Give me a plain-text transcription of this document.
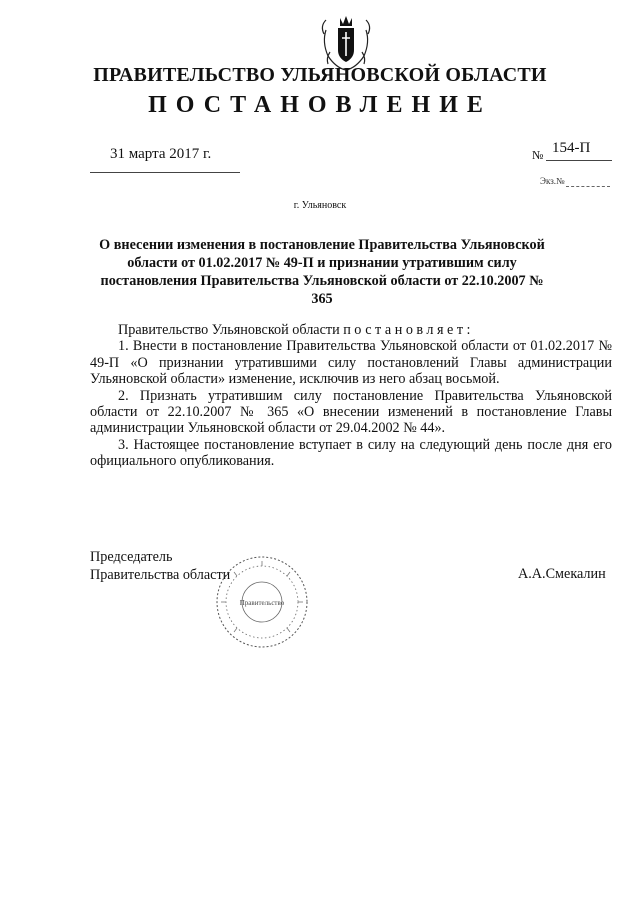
ПРАВИТЕЛЬСТВО УЛЬЯНОВСКОЙ ОБЛАСТИ
ПОСТАНОВЛЕНИЕ
31 марта 2017 г.	№ 154-П
Экз.№
г. Ульяновск
О внесении изменения в постановление Правительства Ульяновской
области от 01.02.2017 № 49-П и признании утратившим силу
постановления Правительства Ульяновской области от 22.10.2007 № 365

Правительство Ульяновской области постановляет:

1. Внести в постановление Правительства Ульяновской области от 01.02.2017 № 49-П «О признании утратившими силу постановлений Главы администрации Ульяновской области» изменение, исключив из него абзац восьмой.

2. Признать утратившим силу постановление Правительства Ульяновской области от 22.10.2007 № 365 «О внесении изменений в постановление Главы администрации Ульяновской области от 29.04.2002 № 44».

3. Настоящее постановление вступает в силу на следующий день после дня его официального опубликования.

Председатель
Правительства области
Правительство
А.А.Смекалин
